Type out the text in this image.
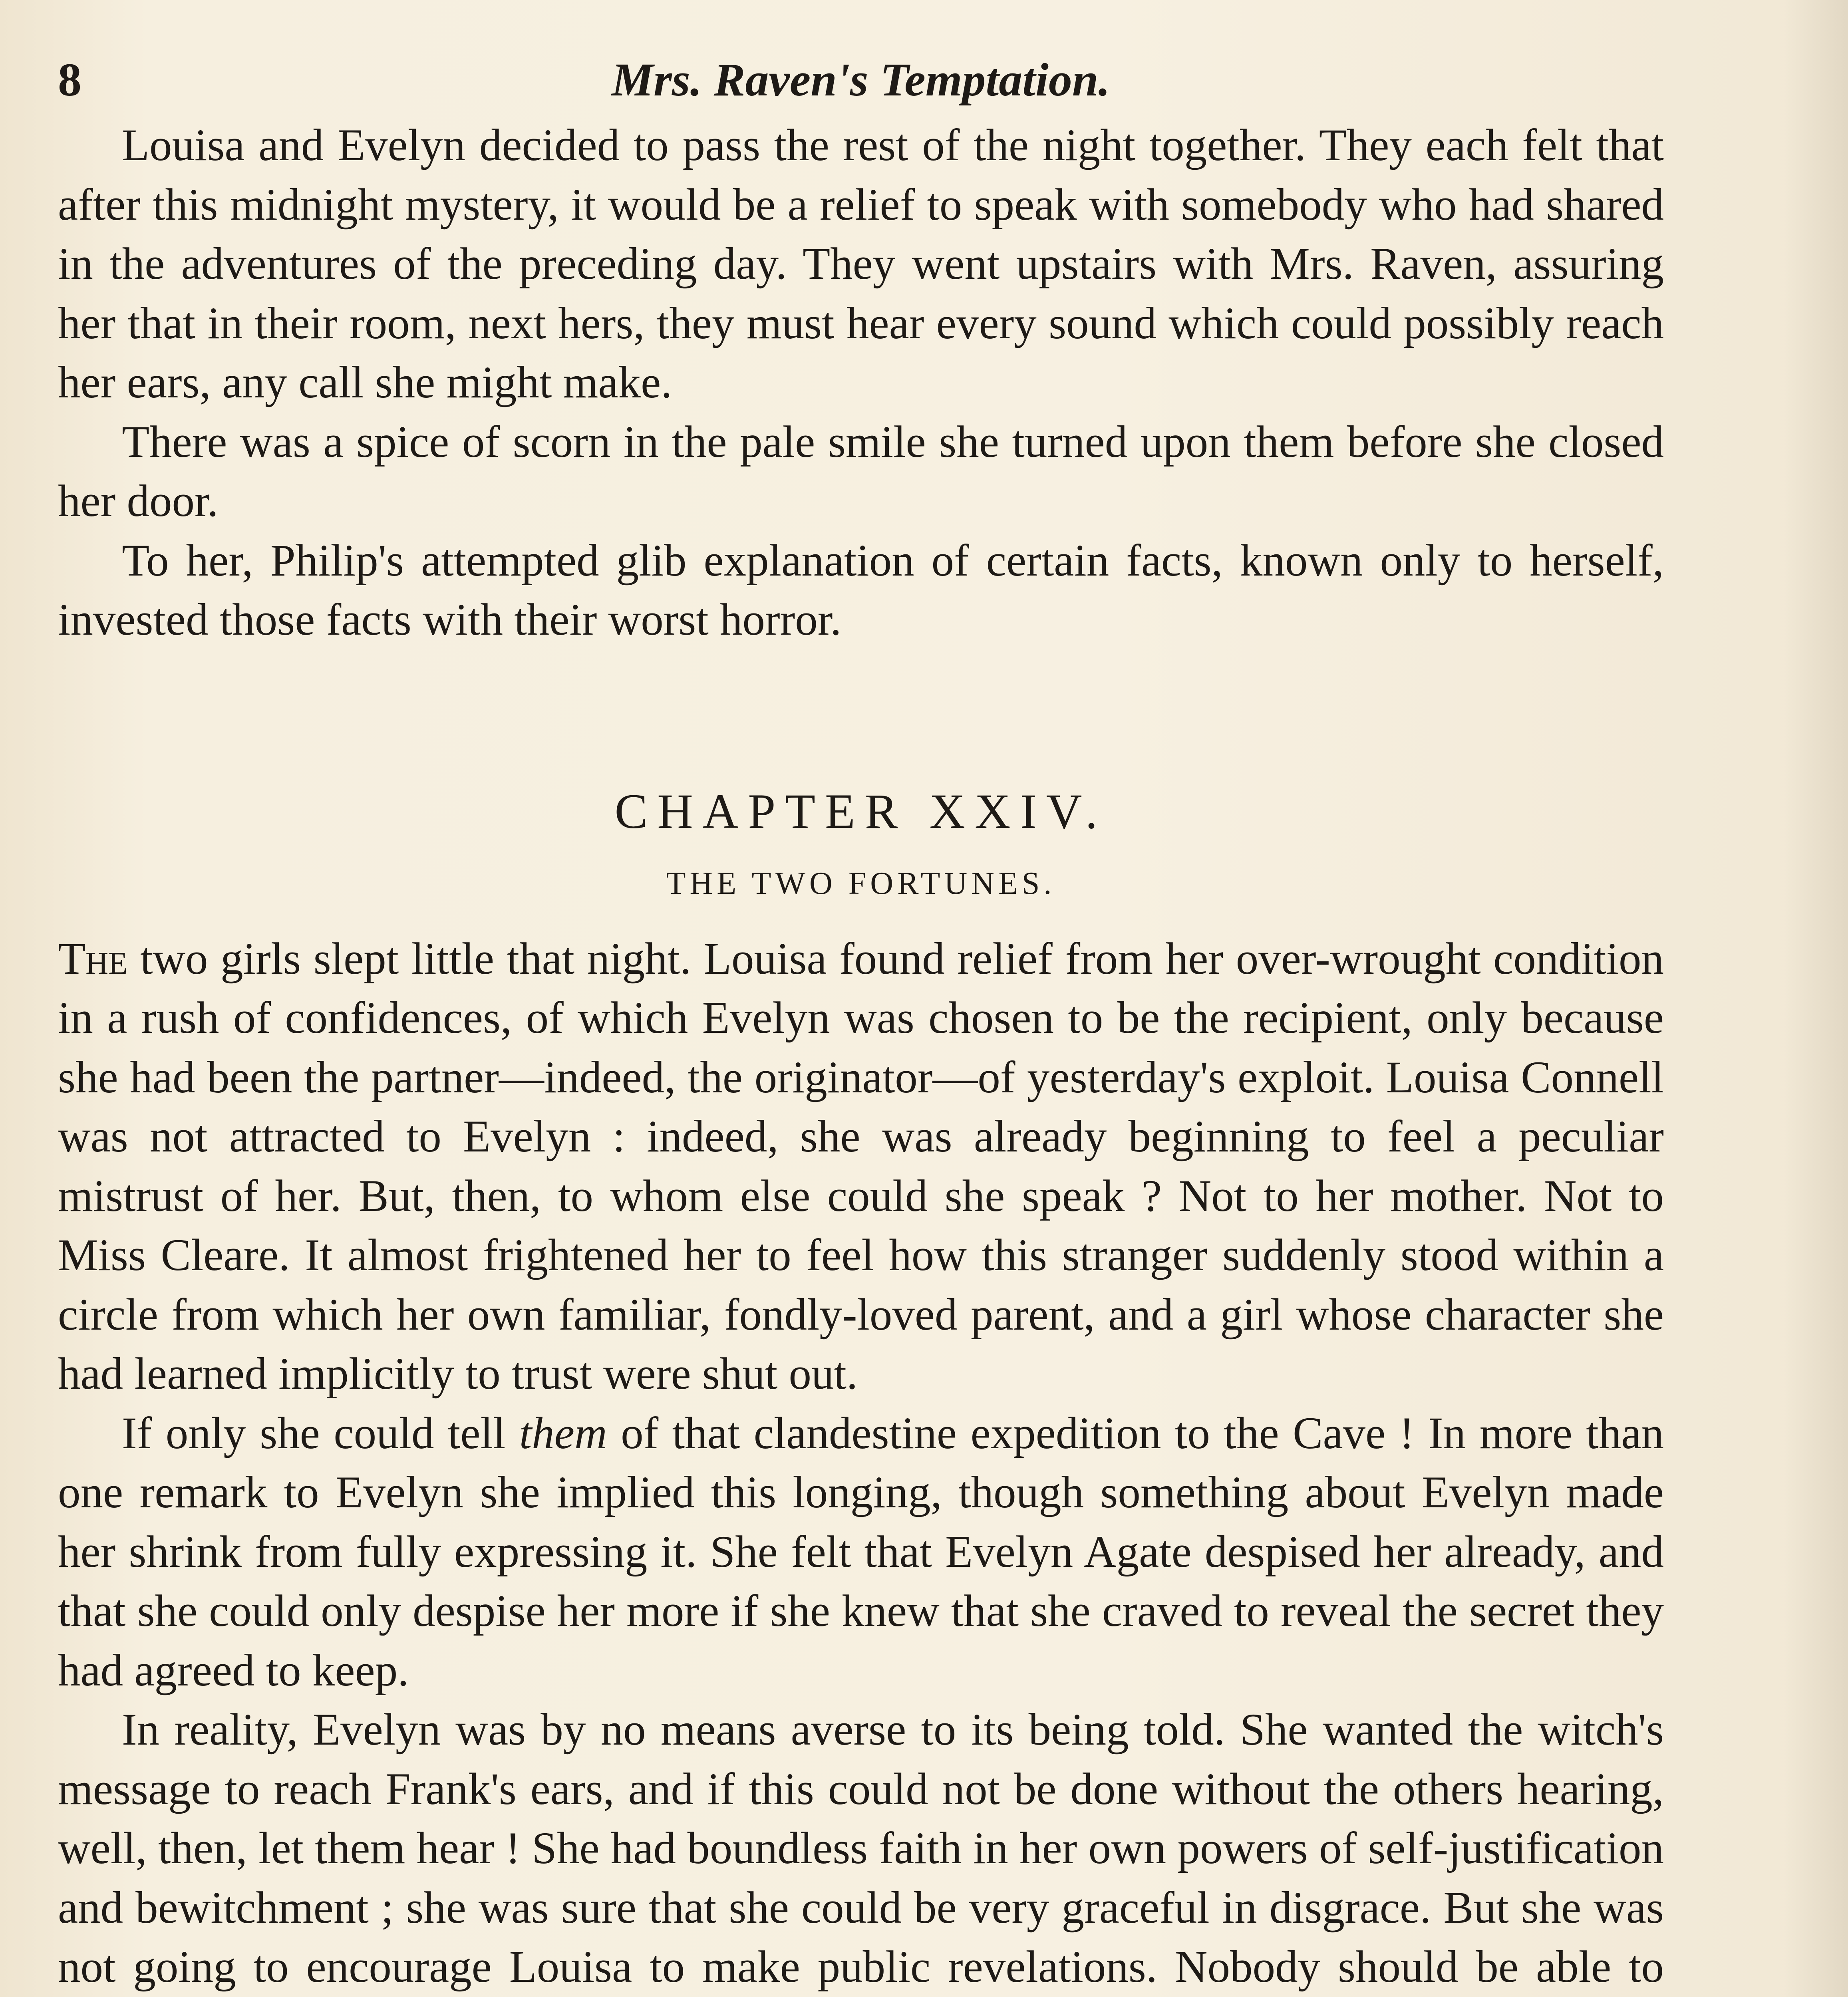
8	Mrs. Raven's Temptation.

Louisa and Evelyn decided to pass the rest of the night together. They each felt that after this midnight mystery, it would be a relief to speak with somebody who had shared in the adventures of the preceding day. They went upstairs with Mrs. Raven, assuring her that in their room, next hers, they must hear every sound which could possibly reach her ears, any call she might make.

There was a spice of scorn in the pale smile she turned upon them before she closed her door.

To her, Philip's attempted glib explanation of certain facts, known only to herself, invested those facts with their worst horror.

CHAPTER XXIV.
THE TWO FORTUNES.

The two girls slept little that night. Louisa found relief from her over-wrought condition in a rush of confidences, of which Evelyn was chosen to be the recipient, only because she had been the partner—indeed, the originator—of yesterday's exploit. Louisa Connell was not attracted to Evelyn : indeed, she was already beginning to feel a peculiar mistrust of her. But, then, to whom else could she speak ? Not to her mother. Not to Miss Cleare. It almost frightened her to feel how this stranger suddenly stood within a circle from which her own familiar, fondly-loved parent, and a girl whose character she had learned implicitly to trust were shut out.

If only she could tell them of that clandestine expedition to the Cave ! In more than one remark to Evelyn she implied this longing, though something about Evelyn made her shrink from fully expressing it. She felt that Evelyn Agate despised her already, and that she could only despise her more if she knew that she craved to reveal the secret they had agreed to keep.

In reality, Evelyn was by no means averse to its being told. She wanted the witch's message to reach Frank's ears, and if this could not be done without the others hearing, well, then, let them hear ! She had boundless faith in her own powers of self-justification and bewitchment ; she was sure that she could be very graceful in disgrace. But she was not going to encourage Louisa to make public revelations. Nobody should be able to
